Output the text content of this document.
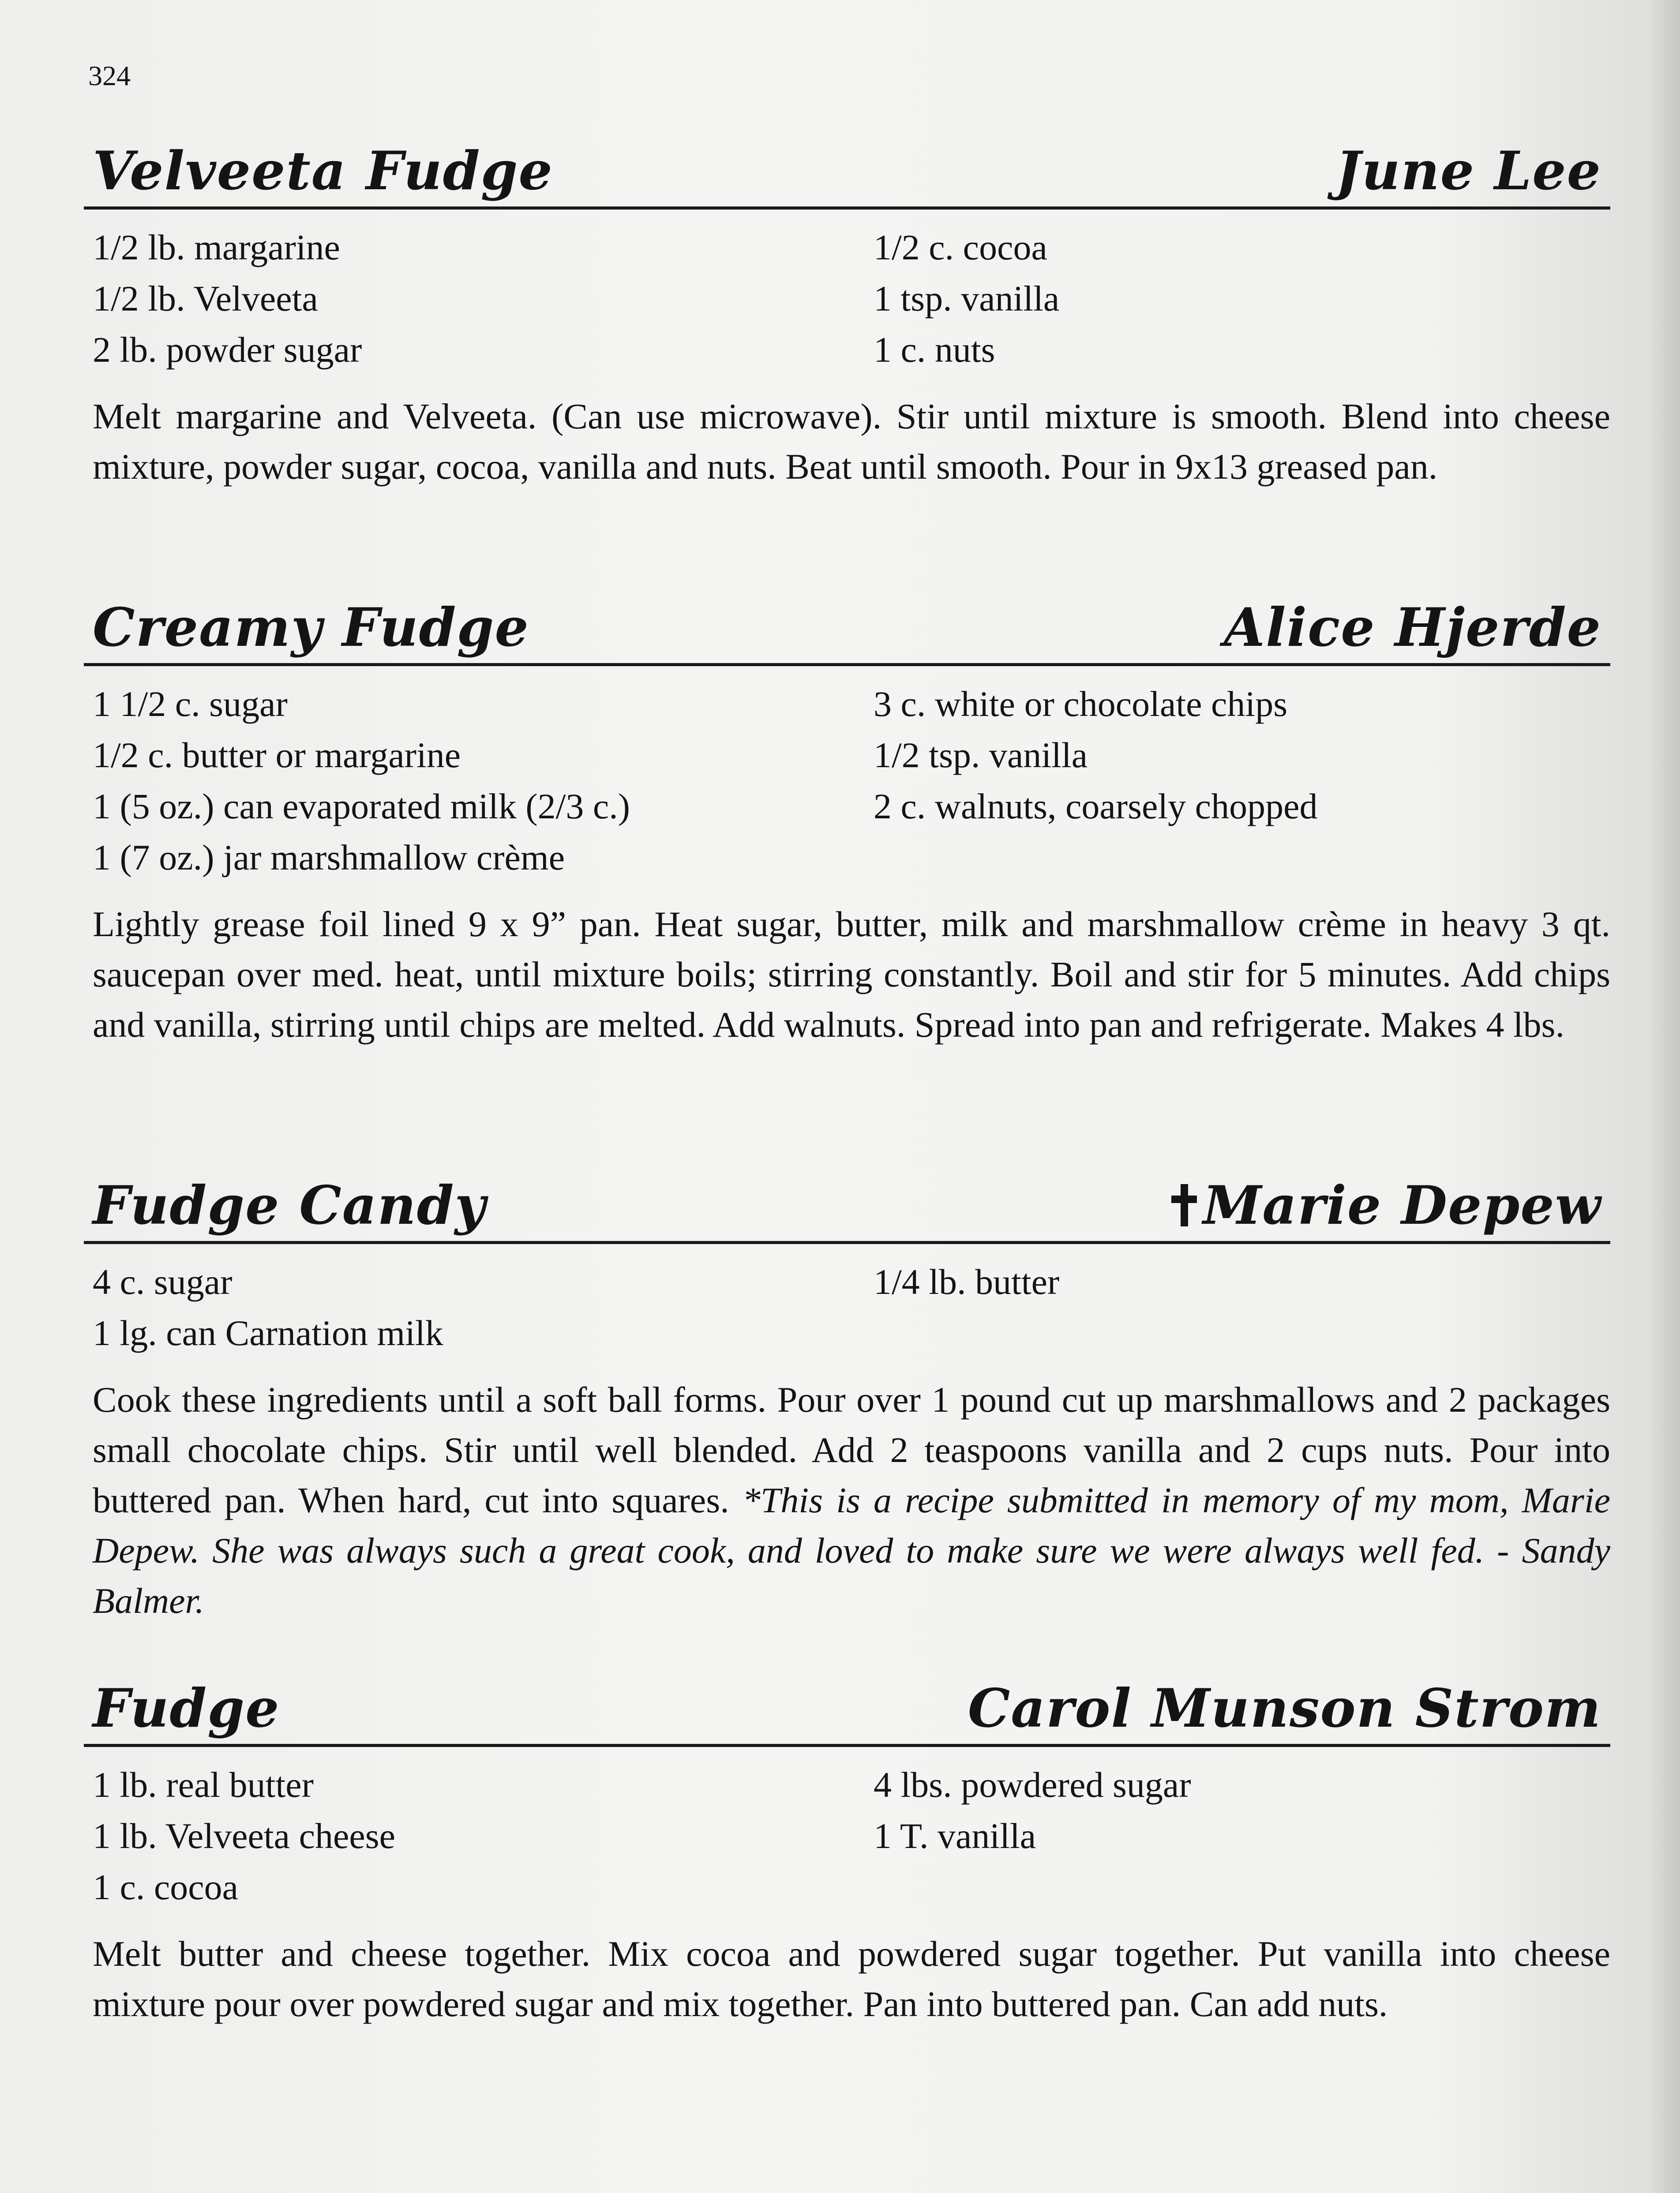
324
Velveeta Fudge	June Lee
1/2 lb. margarine
1/2 lb. Velveeta
2 lb. powder sugar
1/2 c. cocoa
1 tsp. vanilla
1 c. nuts

Melt margarine and Velveeta. (Can use microwave). Stir until mixture is smooth. Blend into cheese mixture, powder sugar, cocoa, vanilla and nuts. Beat until smooth. Pour in 9x13 greased pan.

Creamy Fudge	Alice Hjerde
1 1/2 c. sugar
1/2 c. butter or margarine
1 (5 oz.) can evaporated milk (2/3 c.)
1 (7 oz.) jar marshmallow crème
3 c. white or chocolate chips
1/2 tsp. vanilla
2 c. walnuts, coarsely chopped

Lightly grease foil lined 9 x 9” pan. Heat sugar, butter, milk and marshmallow crème in heavy 3 qt. saucepan over med. heat, until mixture boils; stirring constantly. Boil and stir for 5 minutes. Add chips and vanilla, stirring until chips are melted. Add walnuts. Spread into pan and refrigerate. Makes 4 lbs.

Fudge Candy	Marie Depew
4 c. sugar
1 lg. can Carnation milk
1/4 lb. butter

Cook these ingredients until a soft ball forms. Pour over 1 pound cut up marshmallows and 2 packages small chocolate chips. Stir until well blended. Add 2 teaspoons vanilla and 2 cups nuts. Pour into buttered pan. When hard, cut into squares. *This is a recipe submitted in memory of my mom, Marie Depew. She was always such a great cook, and loved to make sure we were always well fed. - Sandy Balmer.

Fudge	Carol Munson Strom
1 lb. real butter
1 lb. Velveeta cheese
1 c. cocoa
4 lbs. powdered sugar
1 T. vanilla

Melt butter and cheese together. Mix cocoa and powdered sugar together. Put vanilla into cheese mixture pour over powdered sugar and mix together. Pan into buttered pan. Can add nuts.
